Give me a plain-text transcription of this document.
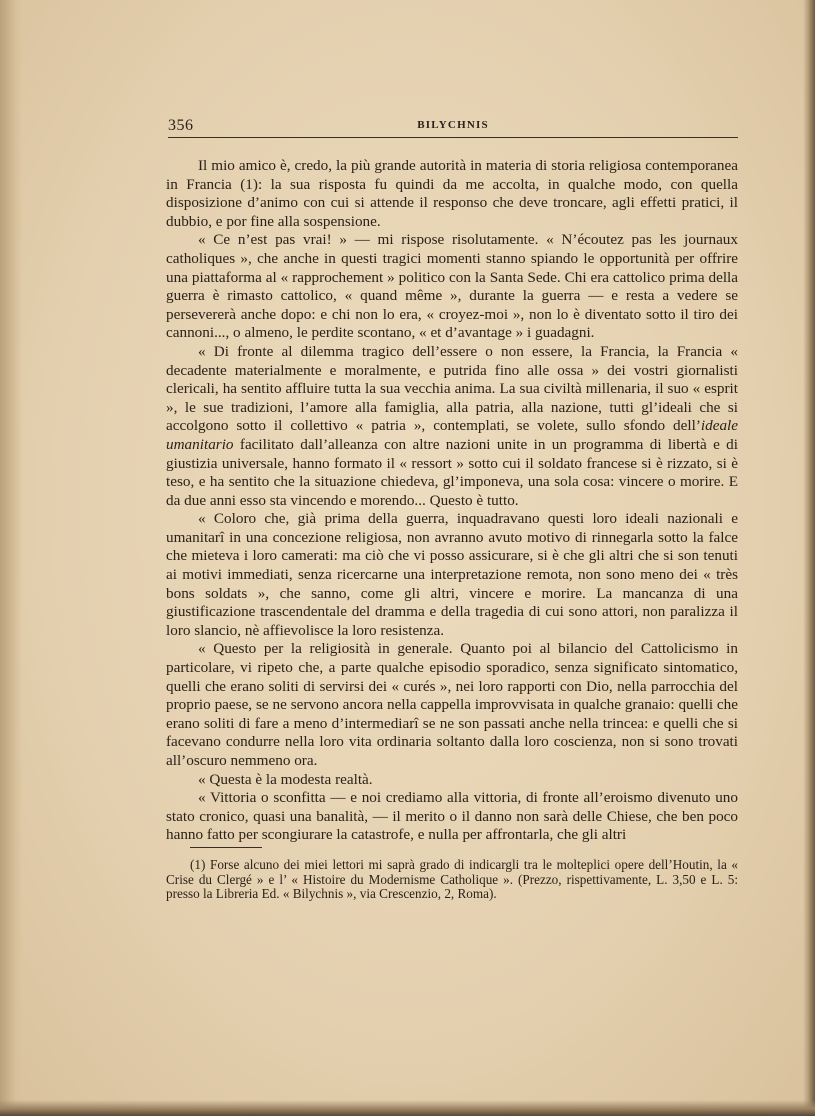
356	BILYCHNIS

Il mio amico è, credo, la più grande autorità in materia di storia religiosa contemporanea in Francia (1): la sua risposta fu quindi da me accolta, in qualche modo, con quella disposizione d’animo con cui si attende il responso che deve troncare, agli effetti pratici, il dubbio, e por fine alla sospensione.

« Ce n’est pas vrai! » — mi rispose risolutamente. « N’écoutez pas les journaux catholiques », che anche in questi tragici momenti stanno spiando le opportunità per offrire una piattaforma al « rapprochement » politico con la Santa Sede. Chi era cattolico prima della guerra è rimasto cattolico, « quand même », durante la guerra — e resta a vedere se persevererà anche dopo: e chi non lo era, « croyez-moi », non lo è diventato sotto il tiro dei cannoni..., o almeno, le perdite scontano, « et d’avantage » i guadagni.

« Di fronte al dilemma tragico dell’essere o non essere, la Francia, la Francia « decadente materialmente e moralmente, e putrida fino alle ossa » dei vostri giornalisti clericali, ha sentito affluire tutta la sua vecchia anima. La sua civiltà millenaria, il suo « esprit », le sue tradizioni, l’amore alla famiglia, alla patria, alla nazione, tutti gl’ideali che si accolgono sotto il collettivo « patria », contemplati, se volete, sullo sfondo dell’ideale umanitario facilitato dall’alleanza con altre nazioni unite in un programma di libertà e di giustizia universale, hanno formato il « ressort » sotto cui il soldato francese si è rizzato, si è teso, e ha sentito che la situazione chiedeva, gl’imponeva, una sola cosa: vincere o morire. E da due anni esso sta vincendo e morendo... Questo è tutto.

« Coloro che, già prima della guerra, inquadravano questi loro ideali nazionali e umanitarî in una concezione religiosa, non avranno avuto motivo di rinnegarla sotto la falce che mieteva i loro camerati: ma ciò che vi posso assicurare, si è che gli altri che si son tenuti ai motivi immediati, senza ricercarne una interpretazione remota, non sono meno dei « très bons soldats », che sanno, come gli altri, vincere e morire. La mancanza di una giustificazione trascendentale del dramma e della tragedia di cui sono attori, non paralizza il loro slancio, nè affievolisce la loro resistenza.

« Questo per la religiosità in generale. Quanto poi al bilancio del Cattolicismo in particolare, vi ripeto che, a parte qualche episodio sporadico, senza significato sintomatico, quelli che erano soliti di servirsi dei « curés », nei loro rapporti con Dio, nella parrocchia del proprio paese, se ne servono ancora nella cappella improvvisata in qualche granaio: quelli che erano soliti di fare a meno d’intermediarî se ne son passati anche nella trincea: e quelli che si facevano condurre nella loro vita ordinaria soltanto dalla loro coscienza, non si sono trovati all’oscuro nemmeno ora.

« Questa è la modesta realtà.

« Vittoria o sconfitta — e noi crediamo alla vittoria, di fronte all’eroismo divenuto uno stato cronico, quasi una banalità, — il merito o il danno non sarà delle Chiese, che ben poco hanno fatto per scongiurare la catastrofe, e nulla per affrontarla, che gli altri

(1) Forse alcuno dei miei lettori mi saprà grado di indicargli tra le molteplici opere dell’Houtin, la « Crise du Clergé » e l’ « Histoire du Modernisme Catholique ». (Prezzo, rispettivamente, L. 3,50 e L. 5: presso la Libreria Ed. « Bilychnis », via Crescenzio, 2, Roma).
